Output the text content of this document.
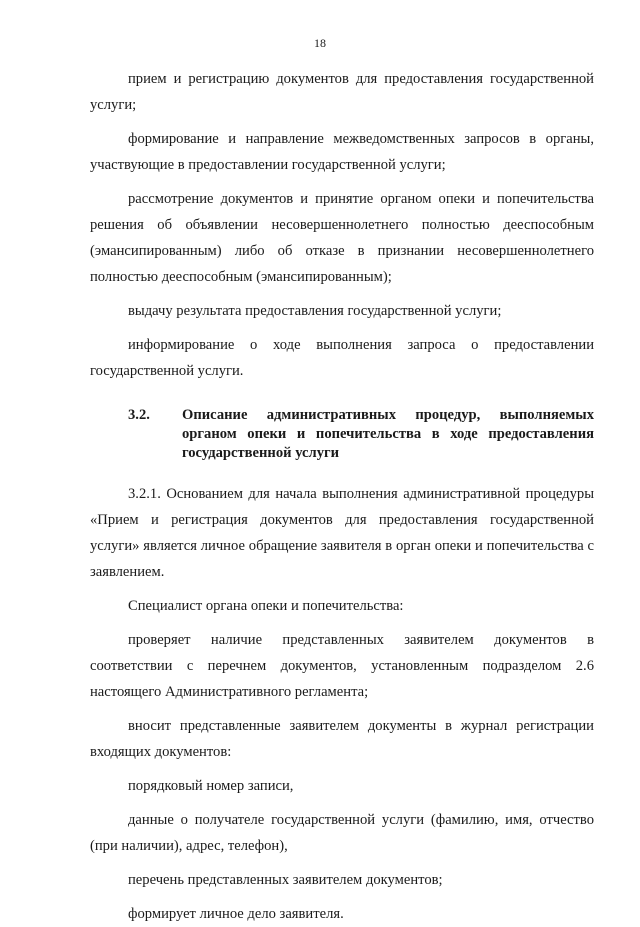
18

прием и регистрацию документов для предоставления государственной услуги;

формирование и направление межведомственных запросов в органы, участвующие в предоставлении государственной услуги;

рассмотрение документов и принятие органом опеки и попечительства решения об объявлении несовершеннолетнего полностью дееспособным (эмансипированным) либо об отказе в признании несовершеннолетнего полностью дееспособным (эмансипированным);

выдачу результата предоставления государственной услуги;

информирование о ходе выполнения запроса о предоставлении государственной услуги.

3.2.	Описание административных процедур, выполняемых органом опеки и попечительства в ходе предоставления государственной услуги

3.2.1. Основанием для начала выполнения административной процедуры «Прием и регистрация документов для предоставления государственной услуги» является личное обращение заявителя в орган опеки и попечительства с заявлением.

Специалист органа опеки и попечительства:

проверяет наличие представленных заявителем документов в соответствии с перечнем документов, установленным подразделом 2.6 настоящего Административного регламента;

вносит представленные заявителем документы в журнал регистрации входящих документов:

порядковый номер записи,

данные о получателе государственной услуги (фамилию, имя, отчество (при наличии), адрес, телефон),

перечень представленных заявителем документов;

формирует личное дело заявителя.
